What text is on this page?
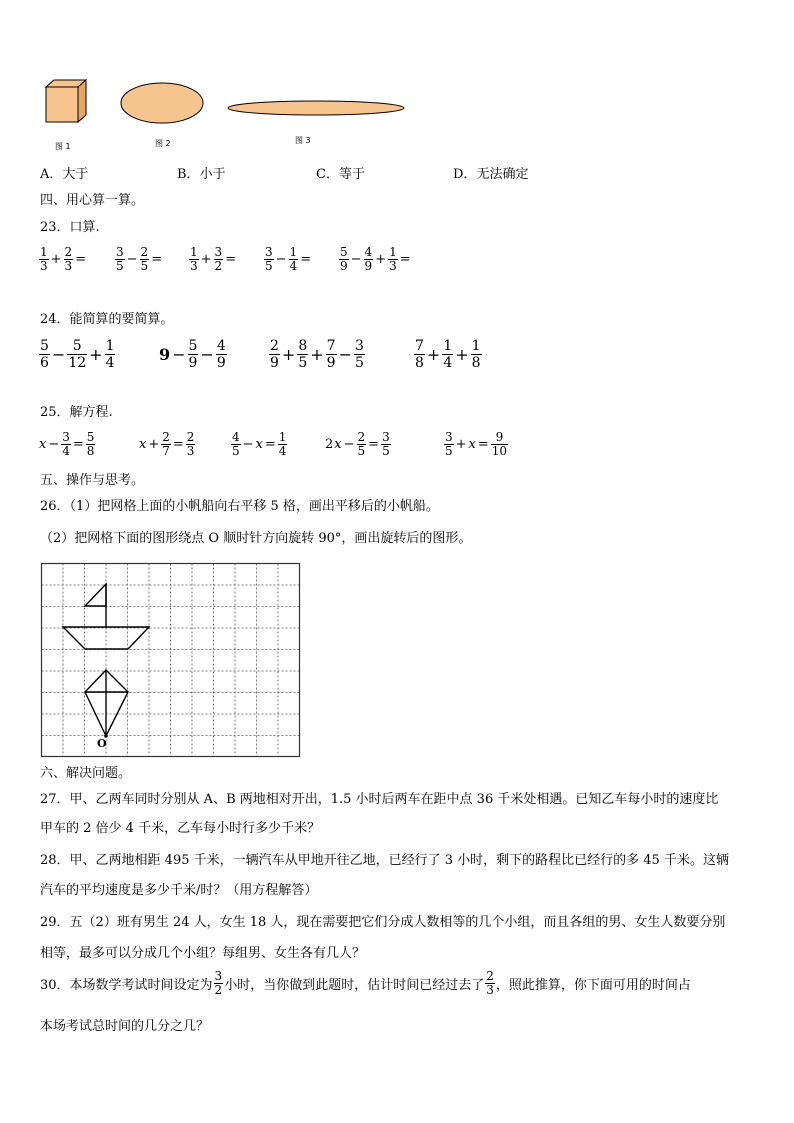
图 1	图 2	图 3
A．大于	B．小于	C．等于	D．无法确定
四、用心算一算。
23．口算.
1
$3 + \frac{2}{3} = 3$
$5 - \frac{2}{5} = 1$
$3 + \frac{3}{2} = 3$
$5 - \frac{1}{4} = 5$
$9 - \frac{4}{9} + \frac{1}{3}$ =
24．能简算的要简算。
5
$6 - \frac{5}{12} + \frac{1}{4}$	$9 - \frac{5}{9} - \frac{4}{9}$	2
$9 + \frac{8}{5} + \frac{7}{9} - \frac{3}{5}$	7
$8 + \frac{1}{4} + \frac{1}{8}$
25．解方程.
$x - \frac{3}{4} = \frac{5}{8}$	$x + \frac{2}{7} = \frac{2}{3}$	4
$5 - x = \frac{1}{4}$	2 $x - \frac{2}{5} = \frac{3}{5}$	3
$5 + x = \frac{9}{10}$
五、操作与思考。
26．（1）把网格上面的小帆船向右平移 5 格，画出平移后的小帆船。
（2）把网格下面的图形绕点 O 顺时针方向旋转 90°，画出旋转后的图形。
O
六、解决问题。
27．甲、乙两车同时分别从 A、B 两地相对开出，1.5 小时后两车在距中点 36 千米处相遇。已知乙车每小时的速度比
甲车的 2 倍少 4 千米，乙车每小时行多少千米？
28．甲、乙两地相距 495 千米，一辆汽车从甲地开往乙地，已经行了 3 小时，剩下的路程比已经行的多 45 千米。这辆
汽车的平均速度是多少千米/时？（用方程解答）
29．五（2）班有男生 24 人，女生 18 人，现在需要把它们分成人数相等的几个小组，而且各组的男、女生人数要分别
相等，最多可以分成几个小组？每组男、女生各有几人？
30．本场数学考试时间设定为
3
2 小时，当你做到此题时，估计时间已经过去了
2
3 ，照此推算，你下面可用的时间占
本场考试总时间的几分之几？
